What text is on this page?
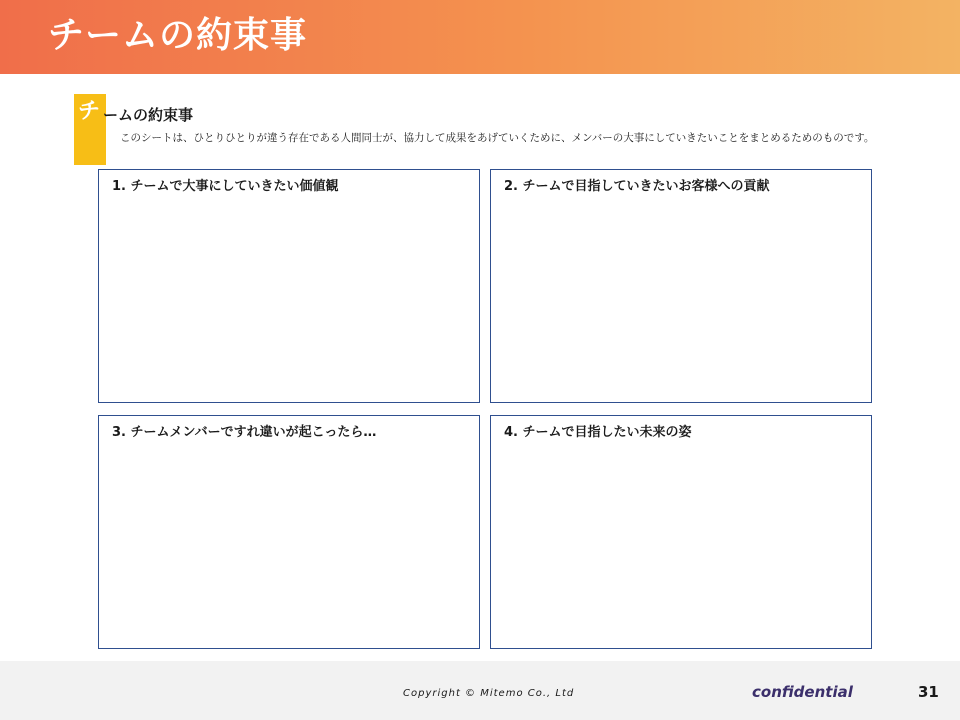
チームの約束事
チ ームの約束事
このシートは、ひとりひとりが違う存在である人間同士が、協力して成果をあげていくために、メンバーの大事にしていきたいことをまとめるためのものです。
1. チームで大事にしていきたい価値観	2. チームで目指していきたいお客様への貢献
3. チームメンバーですれ違いが起こったら…	4. チームで目指したい未来の姿
Copyright © Mitemo Co., Ltd	confidential	31
